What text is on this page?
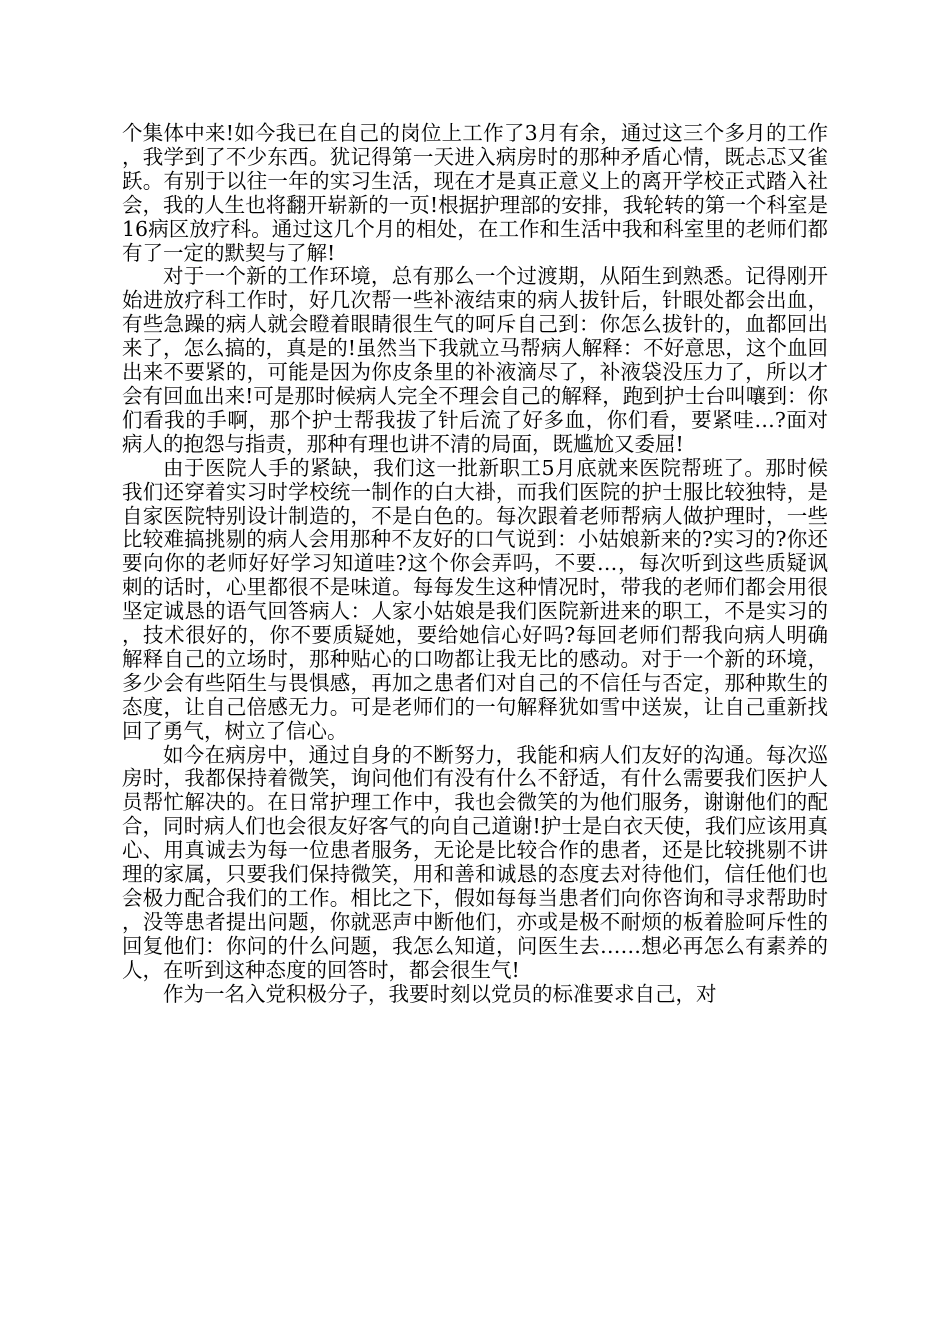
个集体中来!如今我已在自己的岗位上工作了3月有余，通过这三个多月的工作，我学到了不少东西。犹记得第一天进入病房时的那种矛盾心情，既忐忑又雀跃。有别于以往一年的实习生活，现在才是真正意义上的离开学校正式踏入社会，我的人生也将翻开崭新的一页!根据护理部的安排，我轮转的第一个科室是16病区放疗科。通过这几个月的相处，在工作和生活中我和科室里的老师们都有了一定的默契与了解!

对于一个新的工作环境，总有那么一个过渡期，从陌生到熟悉。记得刚开始进放疗科工作时，好几次帮一些补液结束的病人拔针后，针眼处都会出血，有些急躁的病人就会瞪着眼睛很生气的呵斥自己到：你怎么拔针的，血都回出来了，怎么搞的，真是的!虽然当下我就立马帮病人解释：不好意思，这个血回出来不要紧的，可能是因为你皮条里的补液滴尽了，补液袋没压力了，所以才会有回血出来!可是那时候病人完全不理会自己的解释，跑到护士台叫嚷到：你们看我的手啊，那个护士帮我拔了针后流了好多血，你们看，要紧哇…?面对病人的抱怨与指责，那种有理也讲不清的局面，既尴尬又委屈!

由于医院人手的紧缺，我们这一批新职工5月底就来医院帮班了。那时候我们还穿着实习时学校统一制作的白大褂，而我们医院的护士服比较独特，是自家医院特别设计制造的，不是白色的。每次跟着老师帮病人做护理时，一些比较难搞挑剔的病人会用那种不友好的口气说到：小姑娘新来的?实习的?你还要向你的老师好好学习知道哇?这个你会弄吗，不要…，每次听到这些质疑讽刺的话时，心里都很不是味道。每每发生这种情况时，带我的老师们都会用很坚定诚恳的语气回答病人：人家小姑娘是我们医院新进来的职工，不是实习的，技术很好的，你不要质疑她，要给她信心好吗?每回老师们帮我向病人明确解释自己的立场时，那种贴心的口吻都让我无比的感动。对于一个新的环境，多少会有些陌生与畏惧感，再加之患者们对自己的不信任与否定，那种欺生的态度，让自己倍感无力。可是老师们的一句解释犹如雪中送炭，让自己重新找回了勇气，树立了信心。

如今在病房中，通过自身的不断努力，我能和病人们友好的沟通。每次巡房时，我都保持着微笑，询问他们有没有什么不舒适，有什么需要我们医护人员帮忙解决的。在日常护理工作中，我也会微笑的为他们服务，谢谢他们的配合，同时病人们也会很友好客气的向自己道谢!护士是白衣天使，我们应该用真心、用真诚去为每一位患者服务，无论是比较合作的患者，还是比较挑剔不讲理的家属，只要我们保持微笑，用和善和诚恳的态度去对待他们，信任他们也会极力配合我们的工作。相比之下，假如每每当患者们向你咨询和寻求帮助时，没等患者提出问题，你就恶声中断他们，亦或是极不耐烦的板着脸呵斥性的回复他们：你问的什么问题，我怎么知道，问医生去……想必再怎么有素养的人，在听到这种态度的回答时，都会很生气!

作为一名入党积极分子，我要时刻以党员的标准要求自己，对
